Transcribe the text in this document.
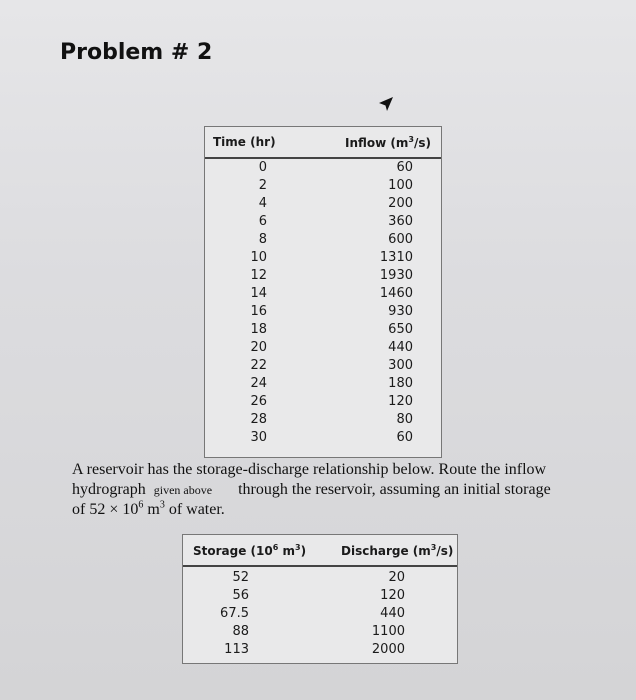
Problem # 2
Time (hr)	Inflow $(m^3/s)$
0
2
4
6
8
10
12
14
16
18
20
22
24
26
28
30
60
100
200
360
600
1310
1930
1460
930
650
440
300
180
120
80
60
A reservoir has the storage-discharge relationship below. Route the inflow
hydrograph given above through the reservoir, assuming an initial storage
of $52 \times 10^6$ $m^3$ of water.
Storage ($10^6$ $m^3$)	Discharge $(m^3/s)$
52
56
67.5
88
113
20
120
440
1100
2000
